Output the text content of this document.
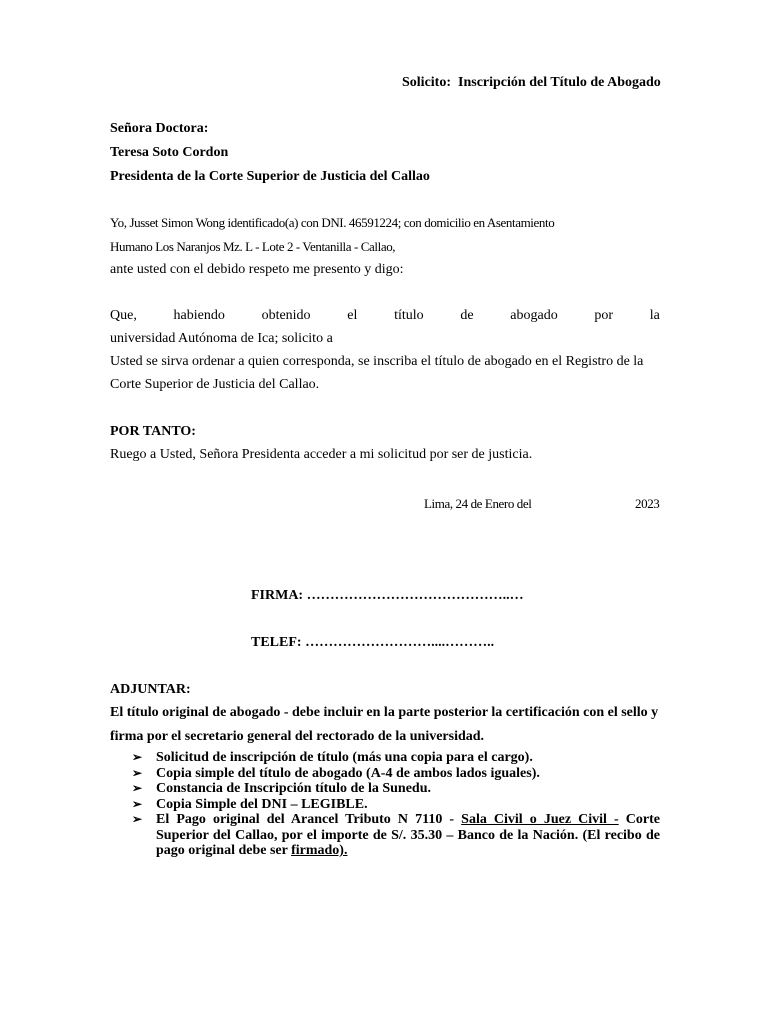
Solicito: Inscripción del Título de Abogado
Señora Doctora:
Teresa Soto Cordon
Presidenta de la Corte Superior de Justicia del Callao
Yo, Jusset Simon Wong identificado(a) con DNI. 46591224; con domicilio en Asentamiento
Humano Los Naranjos Mz. L - Lote 2 - Ventanilla - Callao,
ante usted con el debido respeto me presento y digo:
Que,	habiendo	obtenido	el	título	de	abogado	por	la
universidad Autónoma de Ica; solicito a
Usted se sirva ordenar a quien corresponda, se inscriba el título de abogado en el Registro de la
Corte Superior de Justicia del Callao.
POR TANTO:
Ruego a Usted, Señora Presidenta acceder a mi solicitud por ser de justicia.
Lima, 24 de Enero del	2023
FIRMA: ……………………………………..…
TELEF: ………………………....………..
ADJUNTAR:
El título original de abogado - debe incluir en la parte posterior la certificación con el sello y
firma por el secretario general del rectorado de la universidad.
➢ Solicitud de inscripción de título (más una copia para el cargo).
➢ Copia simple del título de abogado (A-4 de ambos lados iguales).
➢ Constancia de Inscripción título de la Sunedu.
➢ Copia Simple del DNI – LEGIBLE.
➢ El Pago original del Arancel Tributo N 7110 - Sala Civil o Juez Civil - Corte Superior del Callao, por el importe de S/. 35.30 – Banco de la Nación. (El recibo de pago original debe ser firmado).
